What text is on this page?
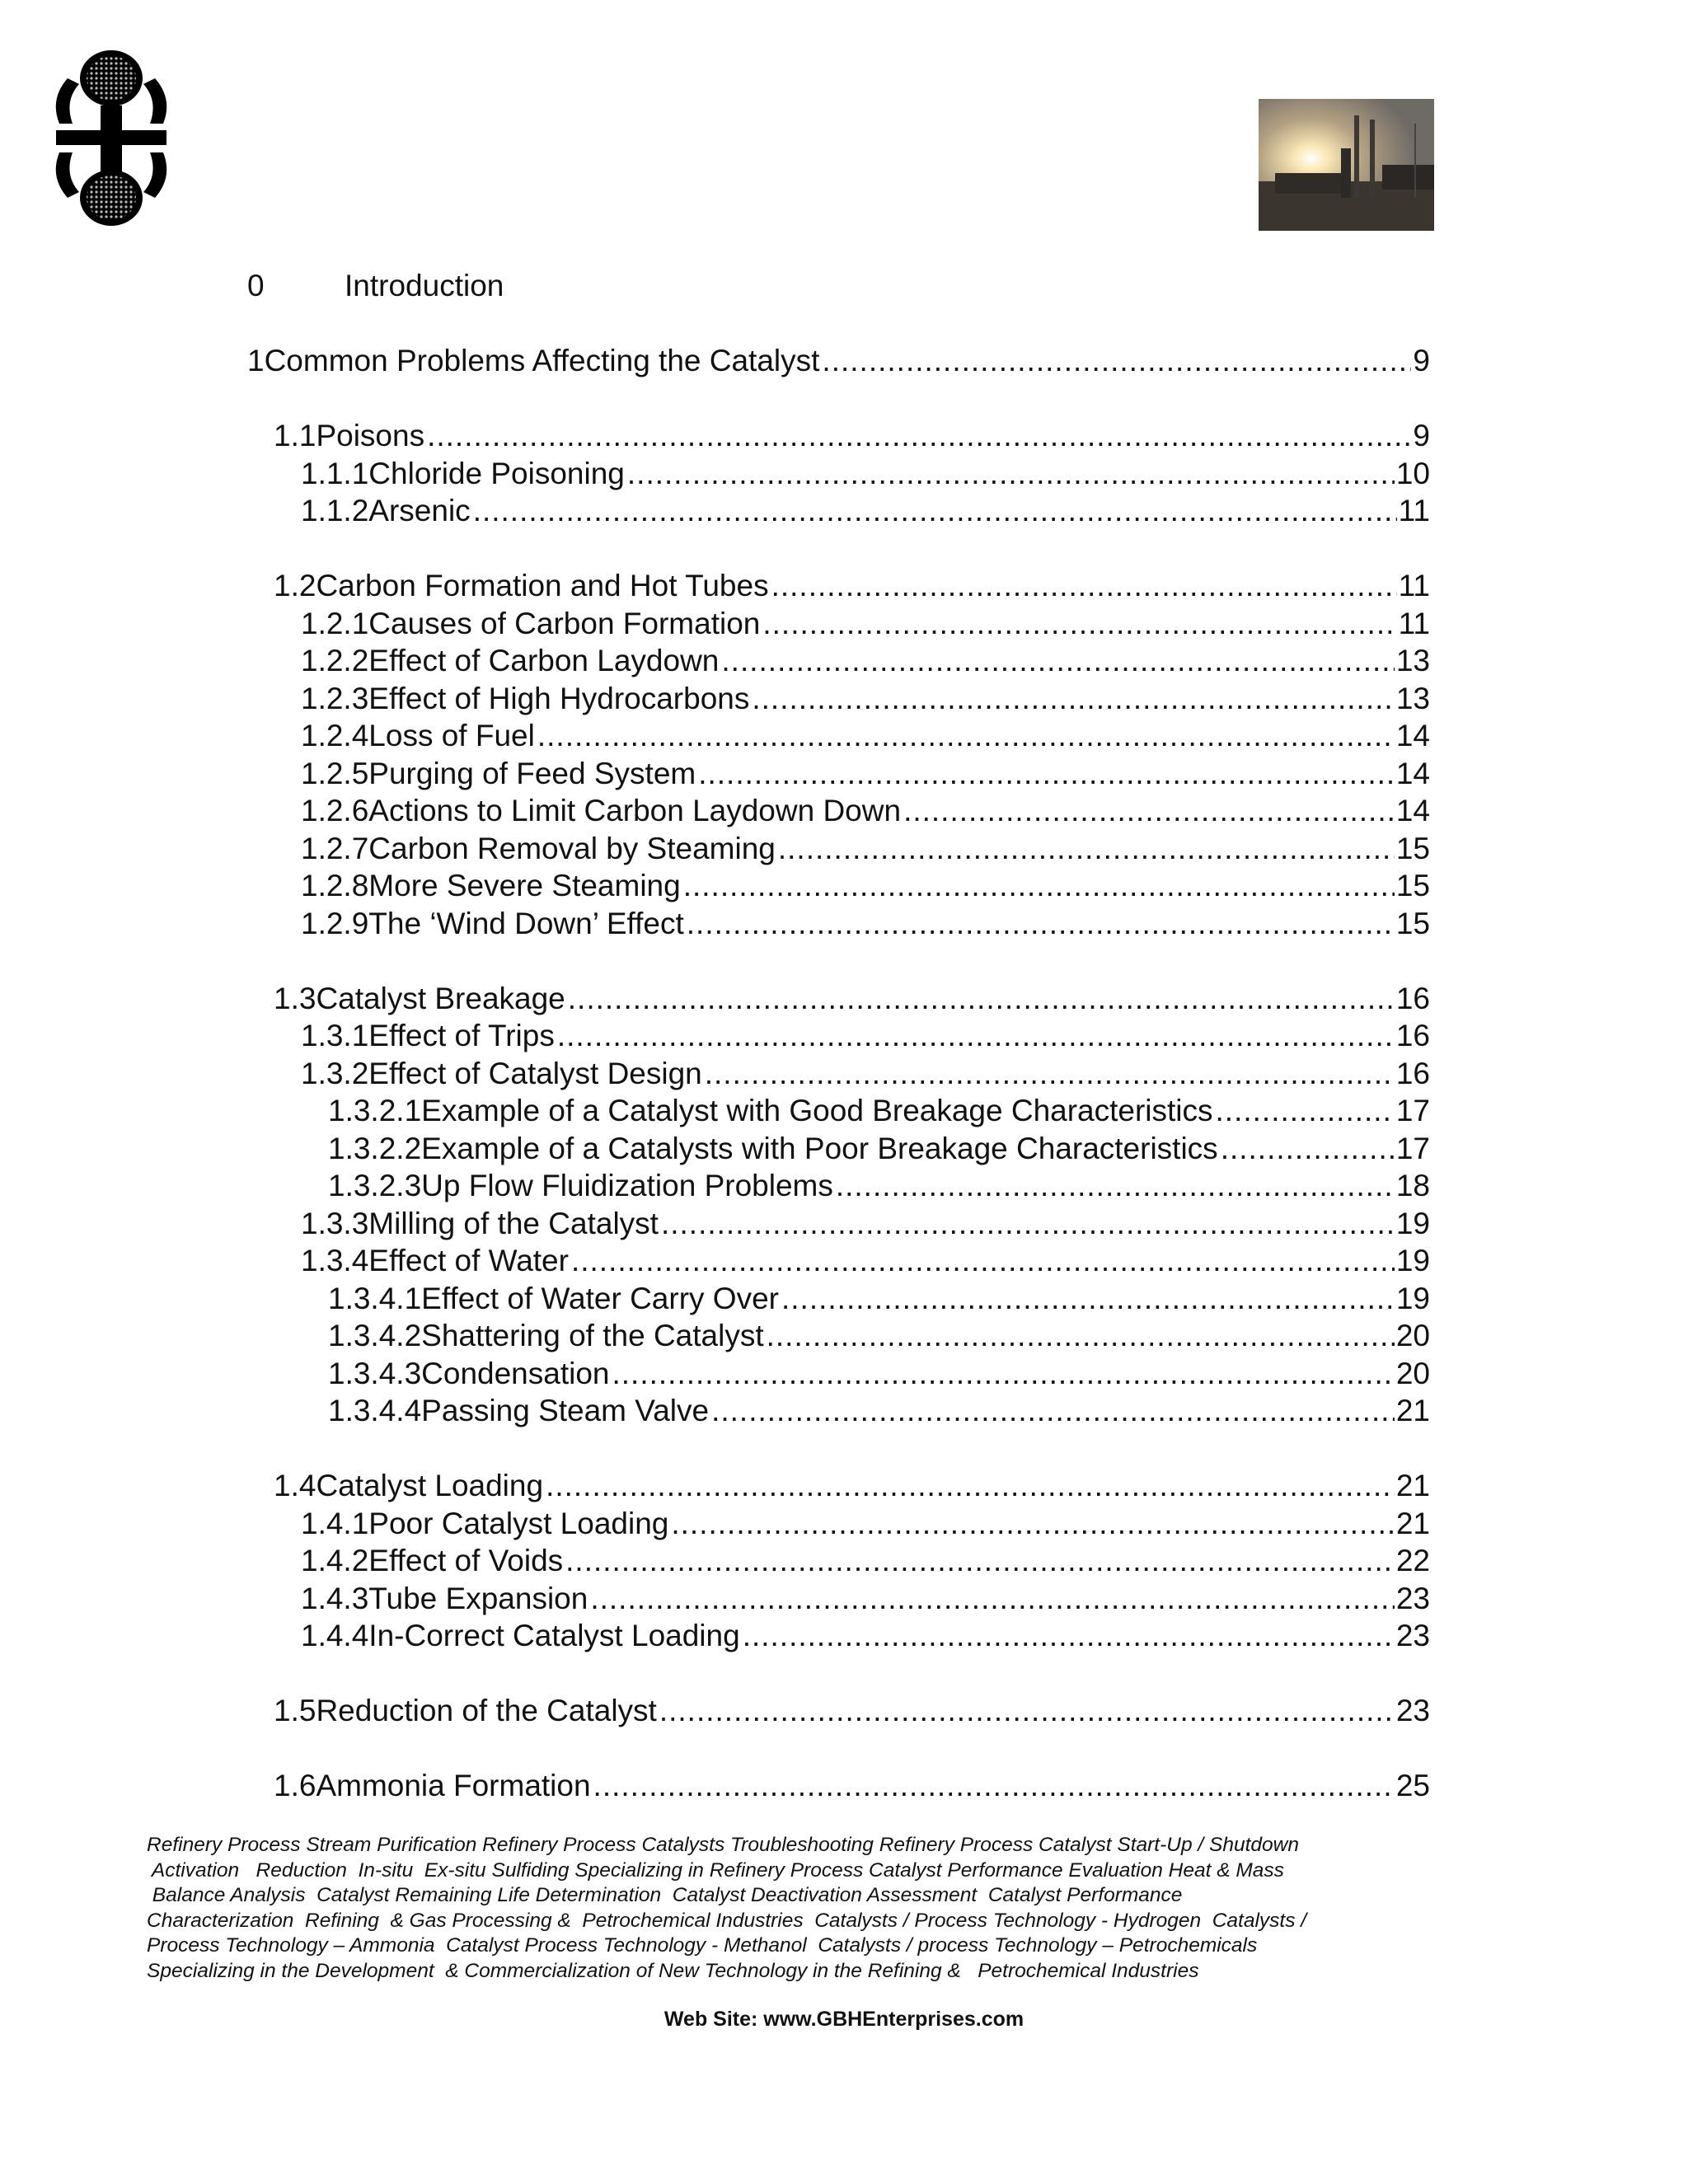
0	Introduction
1 Common Problems Affecting the Catalyst .....	9
1.1 Poisons .....	9
1.1.1 Chloride Poisoning .....	10
1.1.2 Arsenic .....	11
1.2 Carbon Formation and Hot Tubes .....	11
1.2.1 Causes of Carbon Formation .....	11
1.2.2 Effect of Carbon Laydown .....	13
1.2.3 Effect of High Hydrocarbons .....	13
1.2.4 Loss of Fuel .....	14
1.2.5 Purging of Feed System .....	14
1.2.6 Actions to Limit Carbon Laydown Down .....	14
1.2.7 Carbon Removal by Steaming .....	15
1.2.8 More Severe Steaming .....	15
1.2.9 The ‘Wind Down’ Effect .....	15
1.3 Catalyst Breakage .....	16
1.3.1 Effect of Trips .....	16
1.3.2 Effect of Catalyst Design .....	16
1.3.2.1 Example of a Catalyst with Good Breakage Characteristics .....	17
1.3.2.2 Example of a Catalysts with Poor Breakage Characteristics .....	17
1.3.2.3 Up Flow Fluidization Problems .....	18
1.3.3 Milling of the Catalyst .....	19
1.3.4 Effect of Water .....	19
1.3.4.1 Effect of Water Carry Over .....	19
1.3.4.2 Shattering of the Catalyst .....	20
1.3.4.3 Condensation .....	20
1.3.4.4 Passing Steam Valve .....	21
1.4 Catalyst Loading .....	21
1.4.1 Poor Catalyst Loading .....	21
1.4.2 Effect of Voids .....	22
1.4.3 Tube Expansion .....	23
1.4.4 In-Correct Catalyst Loading .....	23
1.5 Reduction of the Catalyst .....	23
1.6 Ammonia Formation .....	25
Refinery Process Stream Purification Refinery Process Catalysts Troubleshooting Refinery Process Catalyst Start-Up / Shutdown
Activation   Reduction  In-situ  Ex-situ Sulfiding Specializing in Refinery Process Catalyst Performance Evaluation Heat & Mass
Balance Analysis  Catalyst Remaining Life Determination  Catalyst Deactivation Assessment  Catalyst Performance
Characterization  Refining  & Gas Processing &  Petrochemical Industries  Catalysts / Process Technology - Hydrogen  Catalysts /
Process Technology – Ammonia  Catalyst Process Technology - Methanol  Catalysts / process Technology – Petrochemicals
Specializing in the Development  & Commercialization of New Technology in the Refining &   Petrochemical Industries
Web Site: www.GBHEnterprises.com
